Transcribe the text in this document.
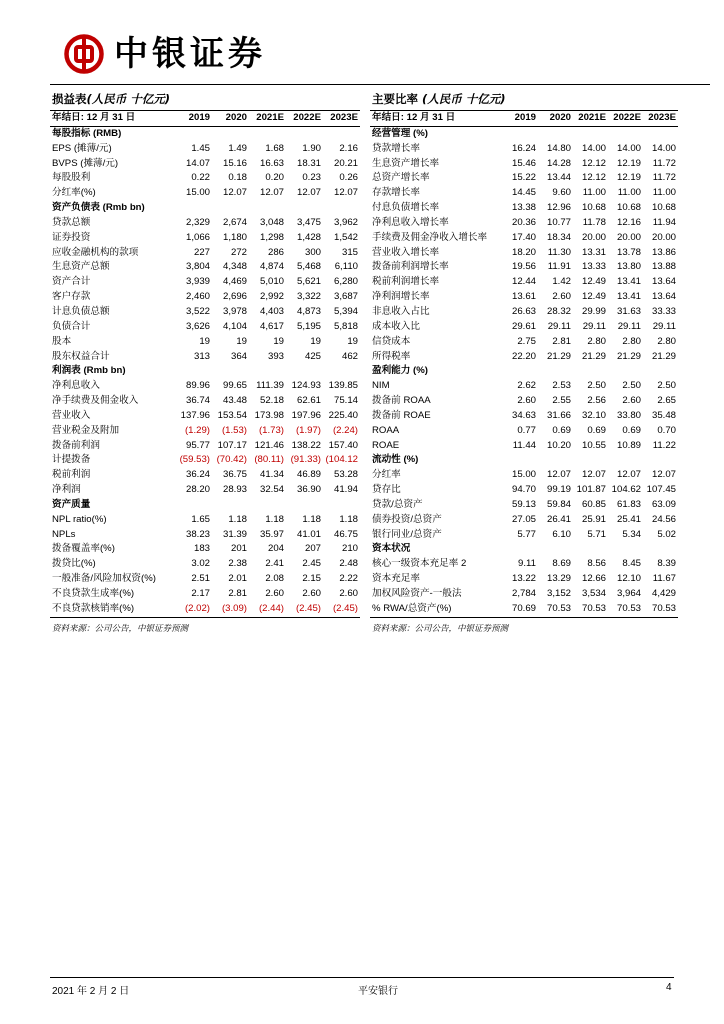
中银证券
损益表(人民币 十亿元)
年结日: 12 月 31 日	2019	2020	2021E	2022E	2023E
每股指标 (RMB)					
EPS (摊薄/元)	1.45	1.49	1.68	1.90	2.16
BVPS (摊薄/元)	14.07	15.16	16.63	18.31	20.21
每股股利	0.22	0.18	0.20	0.23	0.26
分红率(%)	15.00	12.07	12.07	12.07	12.07
资产负债表 (Rmb bn)					
贷款总额	2,329	2,674	3,048	3,475	3,962
证券投资	1,066	1,180	1,298	1,428	1,542
应收金融机构的款项	227	272	286	300	315
生息资产总额	3,804	4,348	4,874	5,468	6,110
资产合计	3,939	4,469	5,010	5,621	6,280
客户存款	2,460	2,696	2,992	3,322	3,687
计息负债总额	3,522	3,978	4,403	4,873	5,394
负债合计	3,626	4,104	4,617	5,195	5,818
股本	19	19	19	19	19
股东权益合计	313	364	393	425	462
利润表 (Rmb bn)					
净利息收入	89.96	99.65	111.39	124.93	139.85
净手续费及佣金收入	36.74	43.48	52.18	62.61	75.14
营业收入	137.96	153.54	173.98	197.96	225.40
营业税金及附加	(1.29)	(1.53)	(1.73)	(1.97)	(2.24)
拨备前利润	95.77	107.17	121.46	138.22	157.40
计提拨备	(59.53)	(70.42)	(80.11)	(91.33)	(104.12
税前利润	36.24	36.75	41.34	46.89	53.28
净利润	28.20	28.93	32.54	36.90	41.94
资产质量					
NPL ratio(%)	1.65	1.18	1.18	1.18	1.18
NPLs	38.23	31.39	35.97	41.01	46.75
拨备覆盖率(%)	183	201	204	207	210
拨贷比(%)	3.02	2.38	2.41	2.45	2.48
一般准备/风险加权资(%)	2.51	2.01	2.08	2.15	2.22
不良贷款生成率(%)	2.17	2.81	2.60	2.60	2.60
不良贷款核销率(%)	(2.02)	(3.09)	(2.44)	(2.45)	(2.45)
资料来源：公司公告，中银证券预测
主要比率 (人民币 十亿元)
年结日: 12 月 31 日	2019	2020	2021E	2022E	2023E
经营管理 (%)					
贷款增长率	16.24	14.80	14.00	14.00	14.00
生息资产增长率	15.46	14.28	12.12	12.19	11.72
总资产增长率	15.22	13.44	12.12	12.19	11.72
存款增长率	14.45	9.60	11.00	11.00	11.00
付息负债增长率	13.38	12.96	10.68	10.68	10.68
净利息收入增长率	20.36	10.77	11.78	12.16	11.94
手续费及佣金净收入增长率	17.40	18.34	20.00	20.00	20.00
营业收入增长率	18.20	11.30	13.31	13.78	13.86
拨备前利润增长率	19.56	11.91	13.33	13.80	13.88
税前利润增长率	12.44	1.42	12.49	13.41	13.64
净利润增长率	13.61	2.60	12.49	13.41	13.64
非息收入占比	26.63	28.32	29.99	31.63	33.33
成本收入比	29.61	29.11	29.11	29.11	29.11
信贷成本	2.75	2.81	2.80	2.80	2.80
所得税率	22.20	21.29	21.29	21.29	21.29
盈利能力 (%)					
NIM	2.62	2.53	2.50	2.50	2.50
拨备前 ROAA	2.60	2.55	2.56	2.60	2.65
拨备前 ROAE	34.63	31.66	32.10	33.80	35.48
ROAA	0.77	0.69	0.69	0.69	0.70
ROAE	11.44	10.20	10.55	10.89	11.22
流动性 (%)					
分红率	15.00	12.07	12.07	12.07	12.07
贷存比	94.70	99.19	101.87	104.62	107.45
贷款/总资产	59.13	59.84	60.85	61.83	63.09
债券投资/总资产	27.05	26.41	25.91	25.41	24.56
银行同业/总资产	5.77	6.10	5.71	5.34	5.02
资本状况					
核心一级资本充足率 2	9.11	8.69	8.56	8.45	8.39
资本充足率	13.22	13.29	12.66	12.10	11.67
加权风险资产-一般法	2,784	3,152	3,534	3,964	4,429
% RWA/总资产(%)	70.69	70.53	70.53	70.53	70.53
资料来源：公司公告，中银证券预测
2021 年 2 月 2 日	平安银行	4
